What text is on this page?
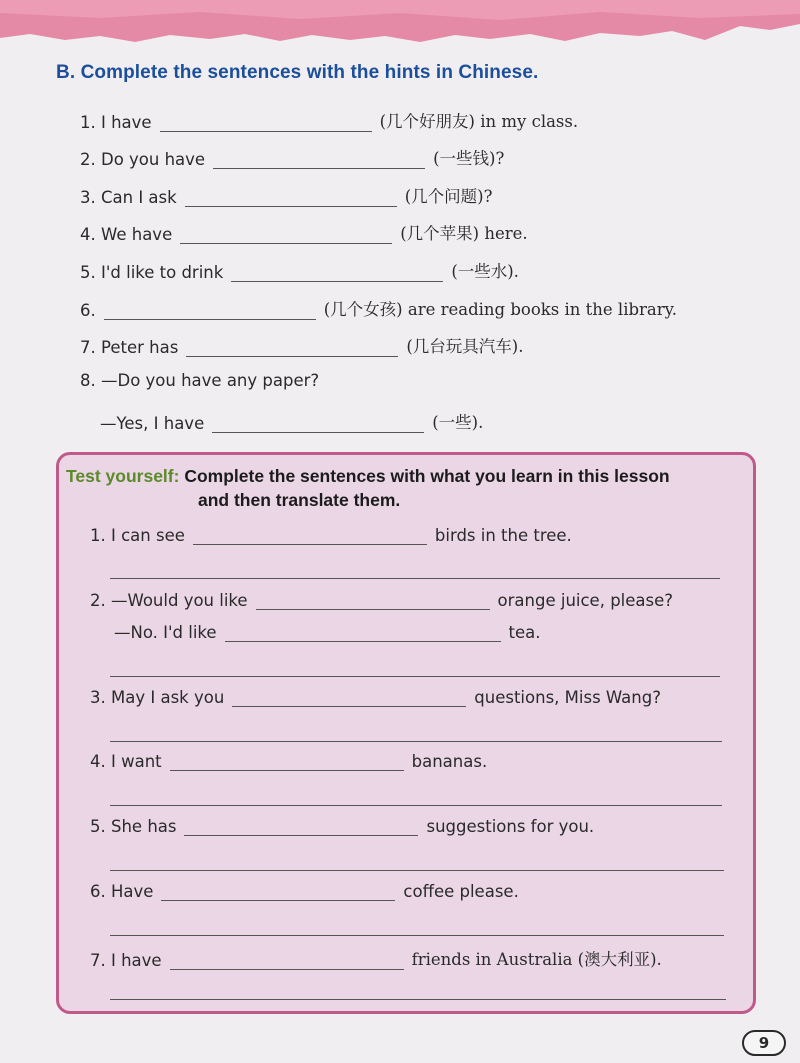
B. Complete the sentences with the hints in Chinese.
1. I have	(几个好朋友) in my class.
2. Do you have	(一些钱)?
3. Can I ask	(几个问题)?
4. We have	(几个苹果) here.
5. I'd like to drink	(一些水).
6.	(几个女孩) are reading books in the library.
7. Peter has	(几台玩具汽车).
8. —Do you have any paper?
—Yes, I have	(一些).
Test yourself: Complete the sentences with what you learn in this lesson
and then translate them.
1. I can see	birds in the tree.
2. —Would you like	orange juice, please?
—No. I'd like	tea.
3. May I ask you	questions, Miss Wang?
4. I want	bananas.
5. She has	suggestions for you.
6. Have	coffee please.
7. I have	friends in Australia (澳大利亚).
9
